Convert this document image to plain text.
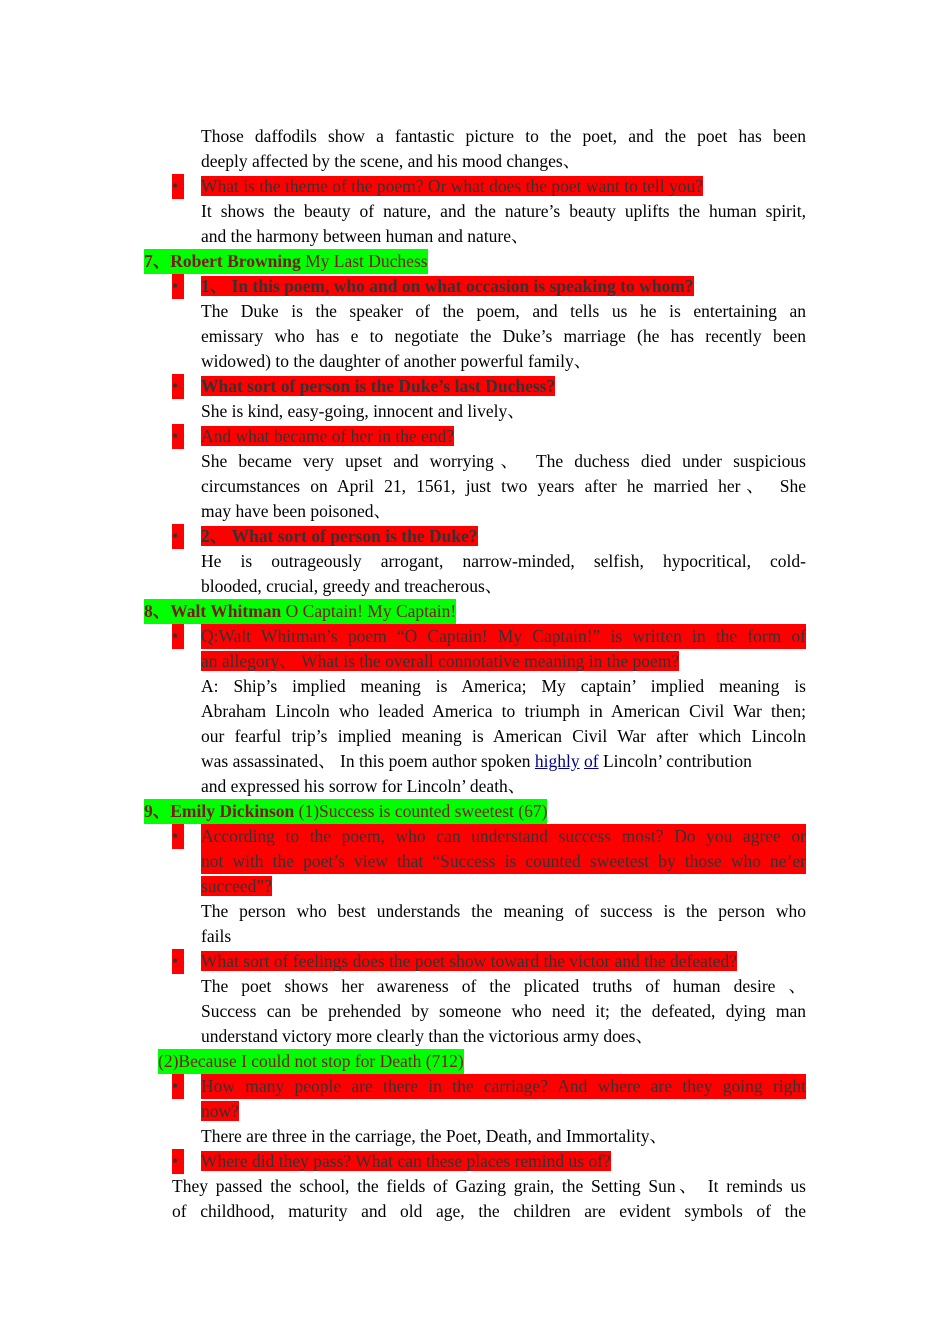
Those daffodils show a fantastic picture to the poet, and the poet has been
deeply affected by the scene, and his mood changes、
•	What is the theme of the poem? Or what does the poet want to tell you?
It shows the beauty of nature, and the nature’s beauty uplifts the human spirit,
and the harmony between human and nature、
7、Robert Browning My Last Duchess
•	1、 In this poem, who and on what occasion is speaking to whom?
The Duke is the speaker of the poem, and tells us he is entertaining an
emissary who has e to negotiate the Duke’s marriage (he has recently been
widowed) to the daughter of another powerful family、
•	What sort of person is the Duke’s last Duchess?
She is kind, easy-going, innocent and lively、
•	And what became of her in the end?
She became very upset and worrying、 The duchess died under suspicious
circumstances on April 21, 1561, just two years after he married her、 She
may have been poisoned、
•	2、 What sort of person is the Duke?
He is outrageously arrogant, narrow-minded, selfish, hypocritical, cold-
blooded, crucial, greedy and treacherous、
8、Walt Whitman O Captain! My Captain!
•	Q:Walt Whitman’s poem “O Captain! My Captain!” is written in the form of
an allegory、 What is the overall connotative meaning in the poem?
A: Ship’s implied meaning is America; My captain’ implied meaning is
Abraham Lincoln who leaded America to triumph in American Civil War then;
our fearful trip’s implied meaning is American Civil War after which Lincoln
was assassinated、 In this poem author spoken highly of Lincoln’ contribution
and expressed his sorrow for Lincoln’ death、
9、Emily Dickinson (1)Success is counted sweetest (67)
•	According to the poem, who can understand success most? Do you agree or
not with the poet’s view that “Success is counted sweetest by those who ne’er
succeed”?
The person who best understands the meaning of success is the person who
fails
•	What sort of feelings does the poet show toward the victor and the defeated?
The poet shows her awareness of the plicated truths of human desire 、
Success can be prehended by someone who need it; the defeated, dying man
understand victory more clearly than the victorious army does、
(2)Because I could not stop for Death (712)
•	How many people are there in the carriage? And where are they going right
now?
There are three in the carriage, the Poet, Death, and Immortality、
•	Where did they pass? What can these places remind us of?
They passed the school, the fields of Gazing grain, the Setting Sun、 It reminds us
of childhood, maturity and old age, the children are evident symbols of the
